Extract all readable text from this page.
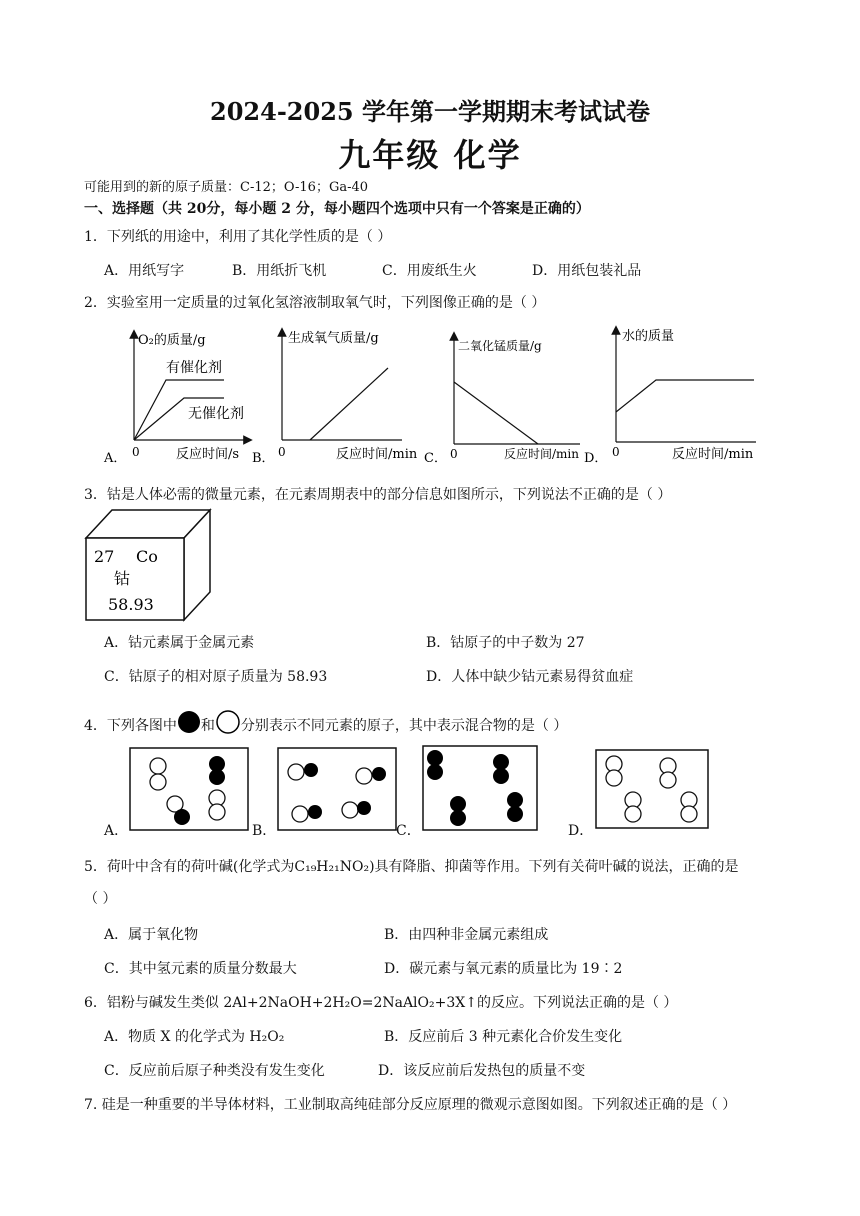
2024-2025 学年第一学期期末考试试卷
九年级 化学
可能用到的新的原子质量：C-12；O-16；Ga-40
一、选择题（共 20分，每小题 2 分，每小题四个选项中只有一个答案是正确的）
1．下列纸的用途中，利用了其化学性质的是（ ）
A．用纸写字	B．用纸折飞机	C．用废纸生火	D．用纸包装礼品
2．实验室用一定质量的过氧化氢溶液制取氧气时，下列图像正确的是（ ）
O₂的质量/g
有催化剂
无催化剂
0	反应时间/s
A．
生成氧气质量/g
0	反应时间/min
B．
二氧化锰质量/g
0	反应时间/min
C．
水的质量
0	反应时间/min
D．
3．钴是人体必需的微量元素，在元素周期表中的部分信息如图所示，下列说法不正确的是（ ）
27 Co
钴
58.93
A．钴元素属于金属元素	B．钴原子的中子数为 27
C．钴原子的相对原子质量为 58.93	D．人体中缺少钴元素易得贫血症
4．下列各图中 和 分别表示不同元素的原子，其中表示混合物的是（ ）
A．	B．	C．	D．
5．荷叶中含有的荷叶碱(化学式为C₁₉H₂₁NO₂)具有降脂、抑菌等作用。下列有关荷叶碱的说法，正确的是
（ ）
A．属于氧化物	B．由四种非金属元素组成
C．其中氢元素的质量分数最大	D．碳元素与氧元素的质量比为 19∶2
6．铝粉与碱发生类似 2Al+2NaOH+2H₂O=2NaAlO₂+3X↑的反应。下列说法正确的是（ ）
A．物质 X 的化学式为 H₂O₂	B．反应前后 3 种元素化合价发生变化
C．反应前后原子种类没有发生变化	D．该反应前后发热包的质量不变
7. 硅是一种重要的半导体材料，工业制取高纯硅部分反应原理的微观示意图如图。下列叙述正确的是（ ）
